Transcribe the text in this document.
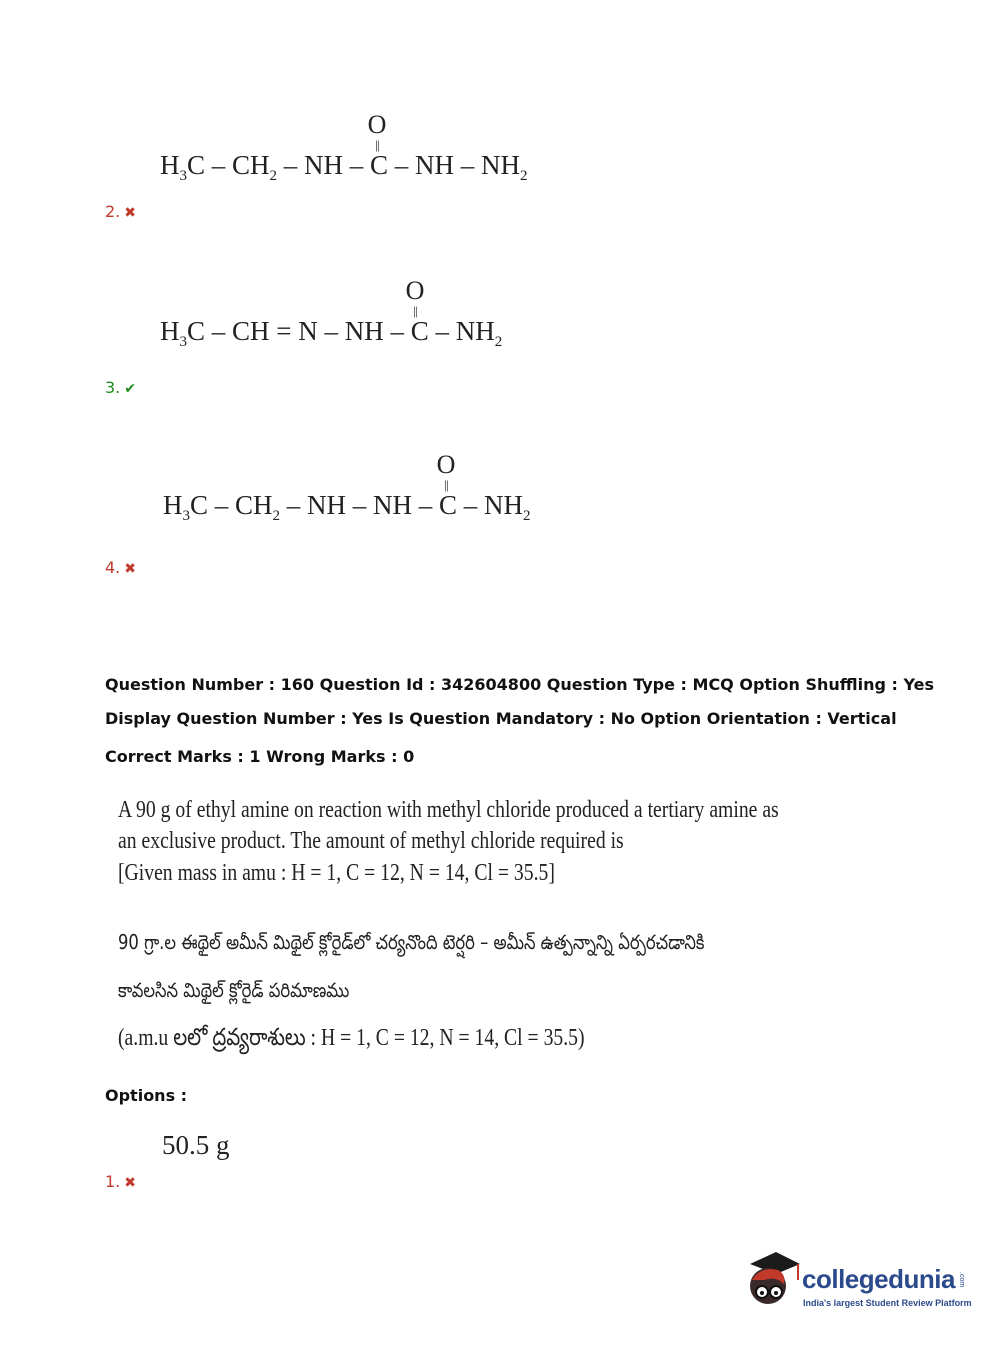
O
||
$H_3C - CH_2$ – NH – C – NH – $NH_2$
2. ✖
O
||
$H_3C$ – CH = N – NH – C – $NH_2$
3. ✔
O
||
$H_3C - CH_2$ – NH – NH – C – $NH_2$
4. ✖
Question Number : 160 Question Id : 342604800 Question Type : MCQ Option Shuffling : Yes
Display Question Number : Yes Is Question Mandatory : No Option Orientation : Vertical
Correct Marks : 1 Wrong Marks : 0
A 90 g of ethyl amine on reaction with methyl chloride produced a tertiary amine as
an exclusive product. The amount of methyl chloride required is
[Given mass in amu : H = 1, C = 12, N = 14, Cl = 35.5]
90 గ్రా.ల ఈథైల్ అమీన్ మిథైల్ క్లోరైడ్‌లో చర్యనొంది టెర్షరి – అమీన్ ఉత్పన్నాన్ని ఏర్పరచడానికి
కావలసిన మిథైల్ క్లోరైడ్ పరిమాణము
(a.m.u లలో ద్రవ్యరాశులు : H = 1, C = 12, N = 14, Cl = 35.5)
Options :
50.5 g
1. ✖
collegedunia .com
India's largest Student Review Platform
